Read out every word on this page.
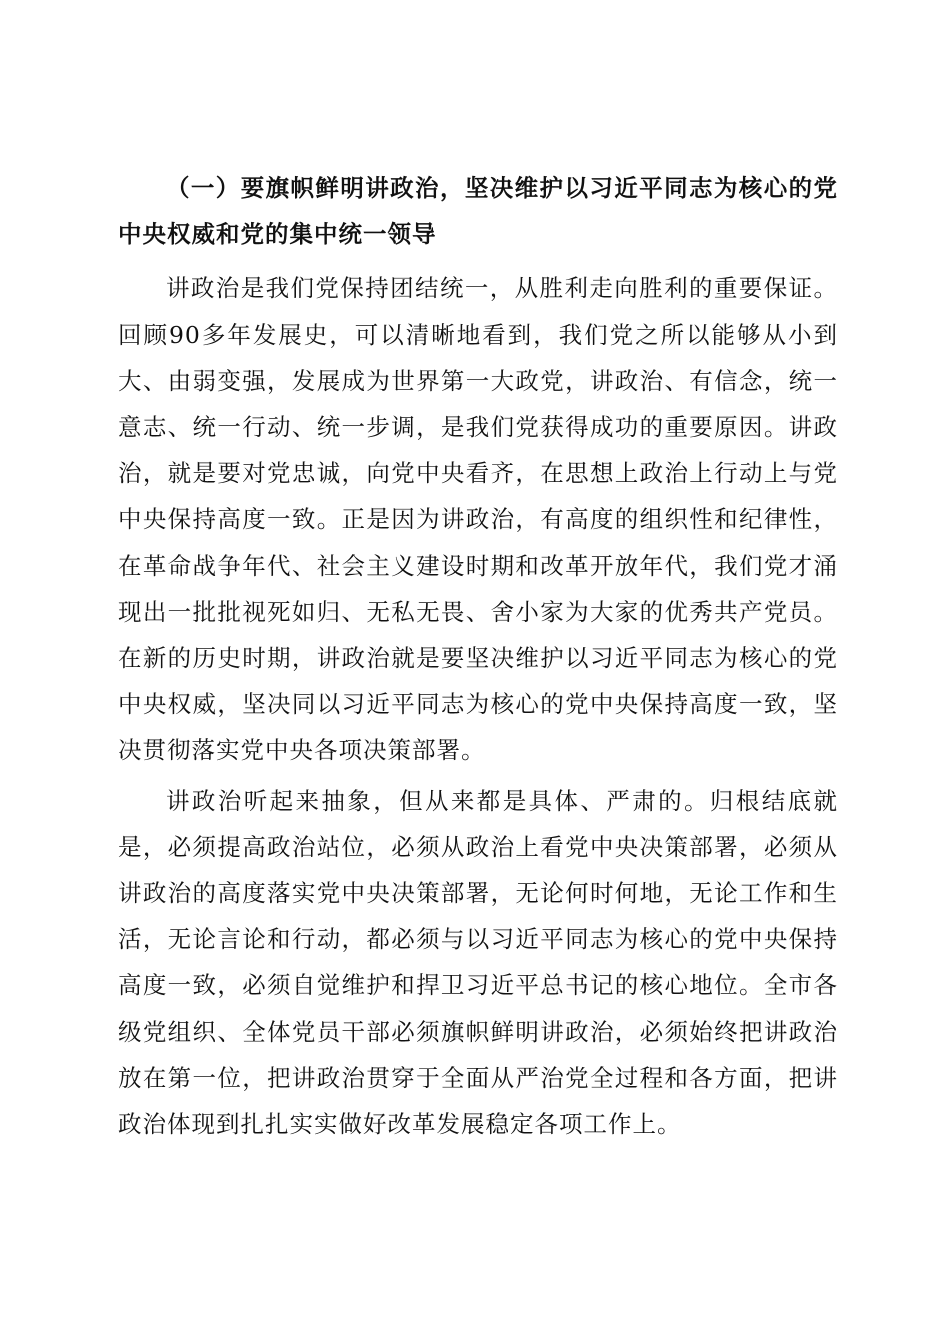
（一）要旗帜鲜明讲政治，坚决维护以习近平同志为核心的党中央权威和党的集中统一领导

讲政治是我们党保持团结统一，从胜利走向胜利的重要保证。回顾90多年发展史，可以清晰地看到，我们党之所以能够从小到大、由弱变强，发展成为世界第一大政党，讲政治、有信念，统一意志、统一行动、统一步调，是我们党获得成功的重要原因。讲政治，就是要对党忠诚，向党中央看齐，在思想上政治上行动上与党中央保持高度一致。正是因为讲政治，有高度的组织性和纪律性，在革命战争年代、社会主义建设时期和改革开放年代，我们党才涌现出一批批视死如归、无私无畏、舍小家为大家的优秀共产党员。在新的历史时期，讲政治就是要坚决维护以习近平同志为核心的党中央权威，坚决同以习近平同志为核心的党中央保持高度一致，坚决贯彻落实党中央各项决策部署。

讲政治听起来抽象，但从来都是具体、严肃的。归根结底就是，必须提高政治站位，必须从政治上看党中央决策部署，必须从讲政治的高度落实党中央决策部署，无论何时何地，无论工作和生活，无论言论和行动，都必须与以习近平同志为核心的党中央保持高度一致，必须自觉维护和捍卫习近平总书记的核心地位。全市各级党组织、全体党员干部必须旗帜鲜明讲政治，必须始终把讲政治放在第一位，把讲政治贯穿于全面从严治党全过程和各方面，把讲政治体现到扎扎实实做好改革发展稳定各项工作上。
